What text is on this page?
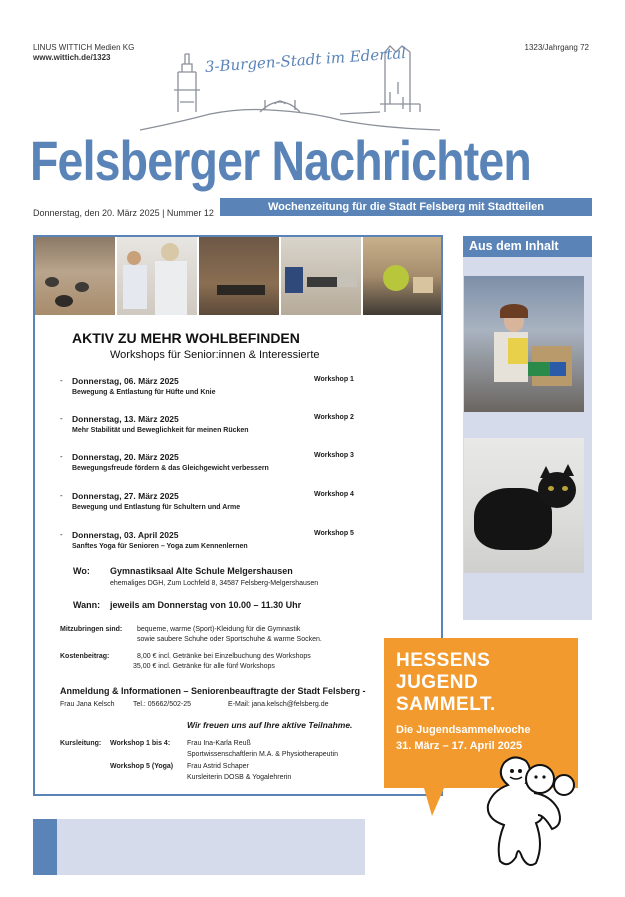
LINUS WITTICH Medien KG
www.wittich.de/1323
1323/Jahrgang 72
3-Burgen-Stadt im Edertal
Felsberger Nachrichten
Donnerstag, den 20. März 2025 | Nummer 12	Wochenzeitung für die Stadt Felsberg mit Stadtteilen
AKTIV ZU MEHR WOHLBEFINDEN
Workshops für Senior:innen & Interessierte
- Donnerstag, 06. März 2025	Workshop 1
Bewegung & Entlastung für Hüfte und Knie
- Donnerstag, 13. März 2025	Workshop 2
Mehr Stabilität und Beweglichkeit für meinen Rücken
- Donnerstag, 20. März 2025	Workshop 3
Bewegungsfreude fördern & das Gleichgewicht verbessern
- Donnerstag, 27. März 2025	Workshop 4
Bewegung und Entlastung für Schultern und Arme
- Donnerstag, 03. April 2025	Workshop 5
Sanftes Yoga für Senioren – Yoga zum Kennenlernen
Wo: Gymnastiksaal Alte Schule Melgershausen
ehemaliges DGH, Zum Lochfeld 8, 34587 Felsberg-Melgershausen
Wann: jeweils am Donnerstag von 10.00 – 11.30 Uhr
Mitzubringen sind: bequeme, warme (Sport)-Kleidung für die Gymnastik
sowie saubere Schuhe oder Sportschuhe & warme Socken.
Kostenbeitrag:	8,00 € incl. Getränke bei Einzelbuchung des Workshops
35,00 € incl. Getränke für alle fünf Workshops
Anmeldung & Informationen – Seniorenbeauftragte der Stadt Felsberg -
Frau Jana Kelsch	Tel.: 05662/502-25	E-Mail: jana.kelsch@felsberg.de
Wir freuen uns auf Ihre aktive Teilnahme.
Kursleitung: Workshop 1 bis 4: Frau Ina-Karla Reuß
Sportwissenschaftlerin M.A. & Physiotherapeutin
Workshop 5 (Yoga) Frau Astrid Schaper
Kursleiterin DOSB & Yogalehrerin
Aus dem Inhalt
HESSENS
JUGEND
SAMMELT.
Die Jugendsammelwoche
31. März – 17. April 2025
